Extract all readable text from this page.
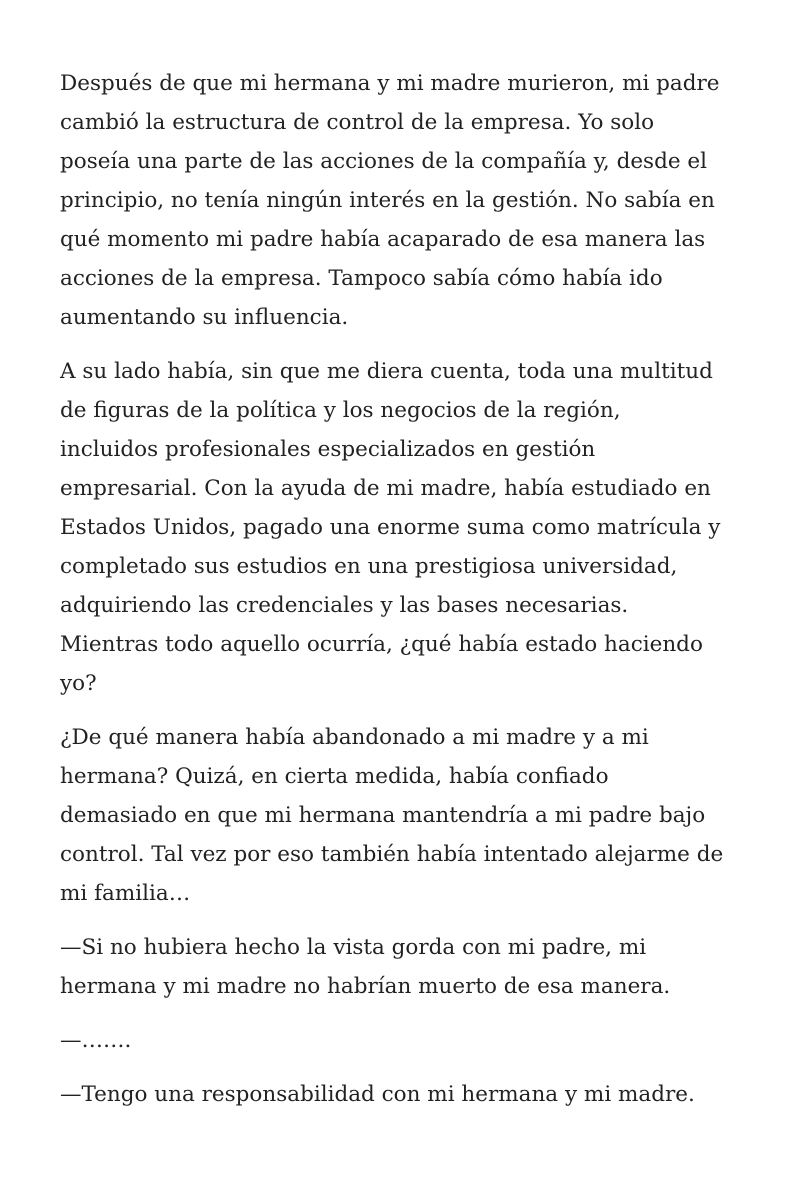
Después de que mi hermana y mi madre murieron, mi padre
cambió la estructura de control de la empresa. Yo solo
poseía una parte de las acciones de la compañía y, desde el
principio, no tenía ningún interés en la gestión. No sabía en
qué momento mi padre había acaparado de esa manera las
acciones de la empresa. Tampoco sabía cómo había ido
aumentando su influencia.

A su lado había, sin que me diera cuenta, toda una multitud
de figuras de la política y los negocios de la región,
incluidos profesionales especializados en gestión
empresarial. Con la ayuda de mi madre, había estudiado en
Estados Unidos, pagado una enorme suma como matrícula y
completado sus estudios en una prestigiosa universidad,
adquiriendo las credenciales y las bases necesarias.
Mientras todo aquello ocurría, ¿qué había estado haciendo
yo?

¿De qué manera había abandonado a mi madre y a mi
hermana? Quizá, en cierta medida, había confiado
demasiado en que mi hermana mantendría a mi padre bajo
control. Tal vez por eso también había intentado alejarme de
mi familia…

—Si no hubiera hecho la vista gorda con mi padre, mi
hermana y mi madre no habrían muerto de esa manera.

—…….

—Tengo una responsabilidad con mi hermana y mi madre.
